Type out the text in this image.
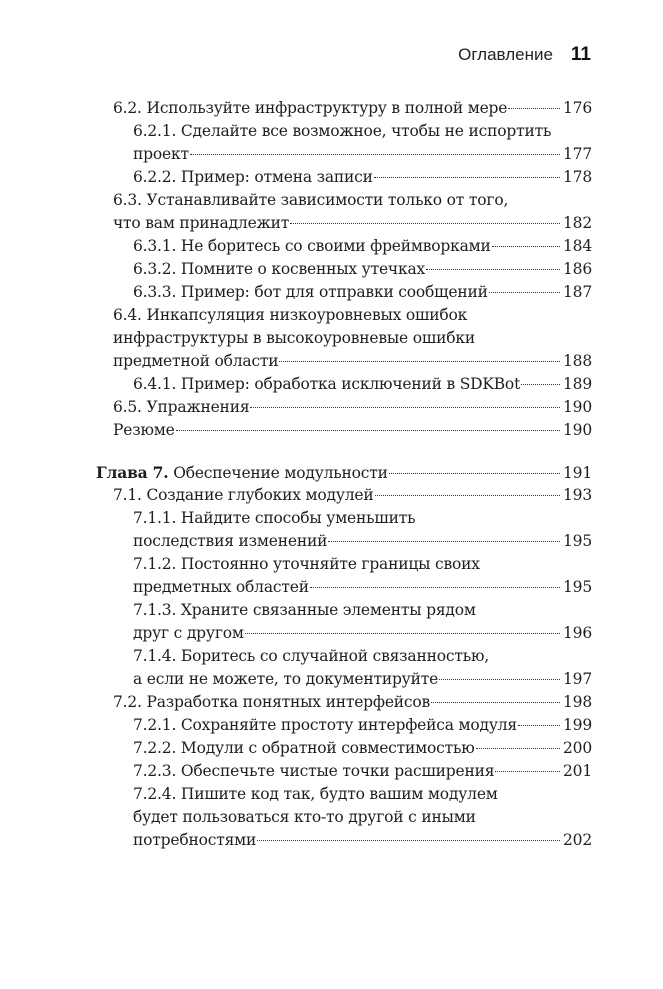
Оглавление 11
6.2. Используйте инфраструктуру в полной мере	176
6.2.1. Сделайте все возможное, чтобы не испортить
проект	177
6.2.2. Пример: отмена записи	178
6.3. Устанавливайте зависимости только от того,
что вам принадлежит	182
6.3.1. Не боритесь со своими фреймворками	184
6.3.2. Помните о косвенных утечках	186
6.3.3. Пример: бот для отправки сообщений	187
6.4. Инкапсуляция низкоуровневых ошибок
инфраструктуры в высокоуровневые ошибки
предметной области	188
6.4.1. Пример: обработка исключений в SDKBot	189
6.5. Упражнения	190
Резюме	190
Глава 7. Обеспечение модульности	191
7.1. Создание глубоких модулей	193
7.1.1. Найдите способы уменьшить
последствия изменений	195
7.1.2. Постоянно уточняйте границы своих
предметных областей	195
7.1.3. Храните связанные элементы рядом
друг с другом	196
7.1.4. Боритесь со случайной связанностью,
а если не можете, то документируйте	197
7.2. Разработка понятных интерфейсов	198
7.2.1. Сохраняйте простоту интерфейса модуля	199
7.2.2. Модули с обратной совместимостью	200
7.2.3. Обеспечьте чистые точки расширения	201
7.2.4. Пишите код так, будто вашим модулем
будет пользоваться кто-то другой с иными
потребностями	202
